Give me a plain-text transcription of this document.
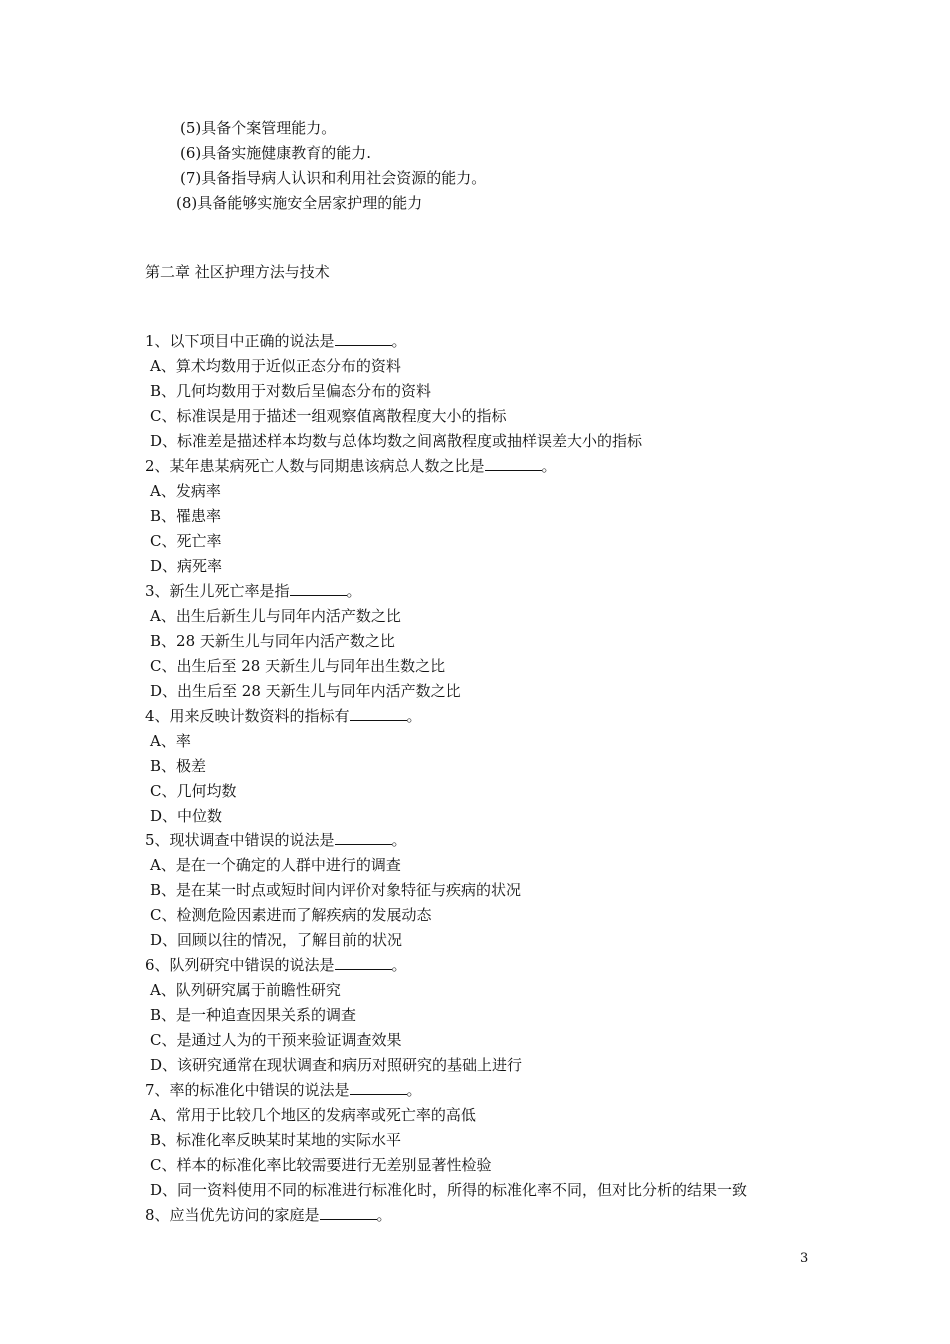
(5)具备个案管理能力。
(6)具备实施健康教育的能力.
(7)具备指导病人认识和利用社会资源的能力。
(8)具备能够实施安全居家护理的能力
第二章 社区护理方法与技术
1、以下项目中正确的说法是	。
A、算术均数用于近似正态分布的资料
B、几何均数用于对数后呈偏态分布的资料
C、标准误是用于描述一组观察值离散程度大小的指标
D、标准差是描述样本均数与总体均数之间离散程度或抽样误差大小的指标
2、某年患某病死亡人数与同期患该病总人数之比是	。
A、发病率
B、罹患率
C、死亡率
D、病死率
3、新生儿死亡率是指	。
A、出生后新生儿与同年内活产数之比
B、28 天新生儿与同年内活产数之比
C、出生后至 28 天新生儿与同年出生数之比
D、出生后至 28 天新生儿与同年内活产数之比
4、用来反映计数资料的指标有	。
A、率
B、极差
C、几何均数
D、中位数
5、现状调查中错误的说法是	。
A、是在一个确定的人群中进行的调查
B、是在某一时点或短时间内评价对象特征与疾病的状况
C、检测危险因素进而了解疾病的发展动态
D、回顾以往的情况，了解目前的状况
6、队列研究中错误的说法是	。
A、队列研究属于前瞻性研究
B、是一种追查因果关系的调查
C、是通过人为的干预来验证调查效果
D、该研究通常在现状调查和病历对照研究的基础上进行
7、率的标准化中错误的说法是	。
A、常用于比较几个地区的发病率或死亡率的高低
B、标准化率反映某时某地的实际水平
C、样本的标准化率比较需要进行无差别显著性检验
D、同一资料使用不同的标准进行标准化时，所得的标准化率不同，但对比分析的结果一致
8、应当优先访问的家庭是	。
3
